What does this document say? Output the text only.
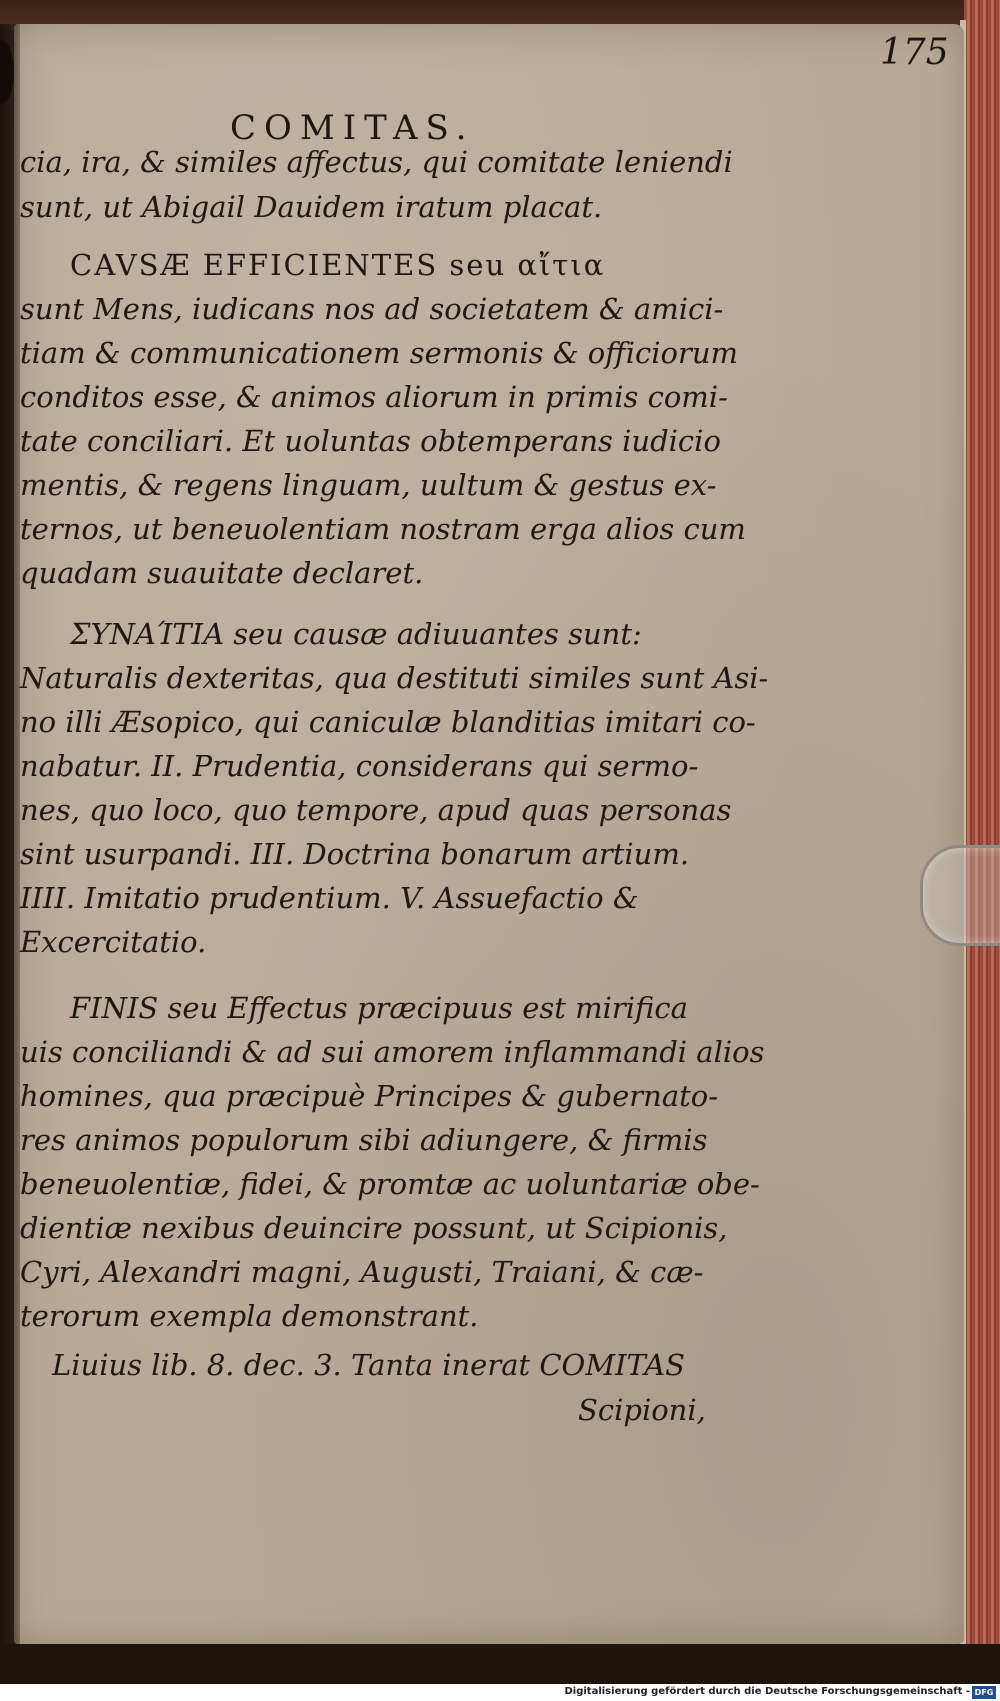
175
COMITAS.
cia, ira, & similes affectus, qui comitate leniendi
sunt, ut Abigail Dauidem iratum placat.
CAVSÆ EFFICIENTES seu αἴτια
sunt Mens, iudicans nos ad societatem & amici-
tiam & communicationem sermonis & officiorum
conditos esse, & animos aliorum in primis comi-
tate conciliari. Et uoluntas obtemperans iudicio
mentis, & regens linguam, uultum & gestus ex-
ternos, ut beneuolentiam nostram erga alios cum
quadam suauitate declaret.
ΣΥΝΑΊΤΙΑ seu causæ adiuuantes sunt:
Naturalis dexteritas, qua destituti similes sunt Asi-
no illi Æsopico, qui caniculæ blanditias imitari co-
nabatur. II. Prudentia, considerans qui sermo-
nes, quo loco, quo tempore, apud quas personas
sint usurpandi. III. Doctrina bonarum artium.
IIII. Imitatio prudentium. V. Assuefactio &
Excercitatio.
FINIS seu Effectus præcipuus est mirifica
uis conciliandi & ad sui amorem inflammandi alios
homines, qua præcipuè Principes & gubernato-
res animos populorum sibi adiungere, & firmis
beneuolentiæ, fidei, & promtæ ac uoluntariæ obe-
dientiæ nexibus deuincire possunt, ut Scipionis,
Cyri, Alexandri magni, Augusti, Traiani, & cæ-
terorum exempla demonstrant.
Liuius lib. 8. dec. 3. Tanta inerat COMITAS
Scipioni,
Digitalisierung gefördert durch die Deutsche Forschungsgemeinschaft - DFG
